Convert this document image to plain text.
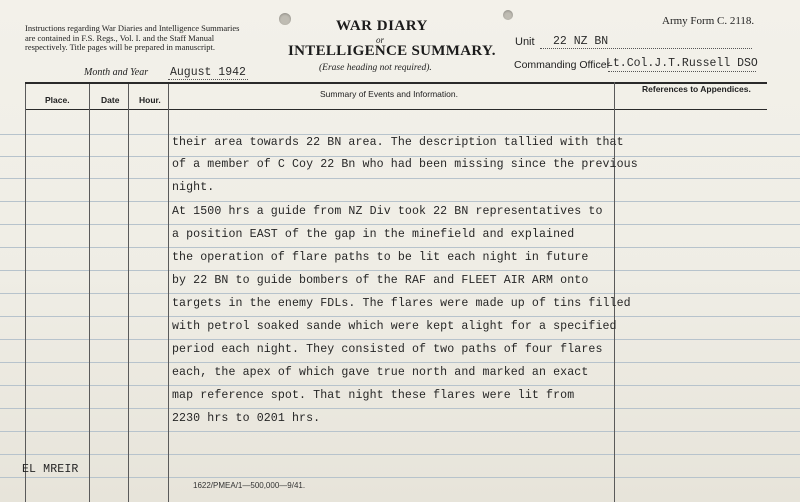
Instructions regarding War Diaries and Intelligence Summaries are contained in F.S. Regs., Vol. I. and the Staff Manual respectively. Title pages will be prepared in manuscript.
WAR DIARY
or
INTELLIGENCE SUMMARY.
(Erase heading not required).
Army Form C. 2118.
Month and Year August 1942
Unit 22 NZ BN
Commanding Officer
Lt.Col.J.T.Russell DSO
Place.	Date Hour.
Summary of Events and Information.	References to Appendices.
their area towards 22 BN area. The description tallied with that
of a member of C Coy 22 Bn who had been missing since the previous
night.
At 1500 hrs a guide from NZ Div took 22 BN representatives to
a position EAST of the gap in the minefield and explained
the operation of flare paths to be lit each night in future
by 22 BN to guide bombers of the RAF and FLEET AIR ARM onto
targets in the enemy FDLs. The flares were made up of tins filled
with petrol soaked sande which were kept alight for a specified
period each night. They consisted of two paths of four flares
each, the apex of which gave true north and marked an exact
map reference spot. That night these flares were lit from
2230 hrs to 0201 hrs.
EL MREIR
1622/PMEA/1—500,000—9/41.
